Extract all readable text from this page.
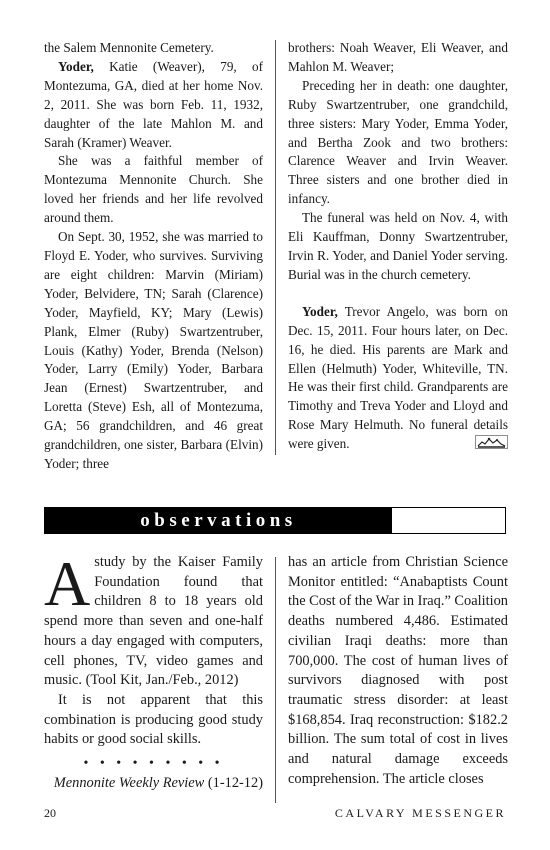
the Salem Mennonite Cemetery.

Yoder, Katie (Weaver), 79, of Montezuma, GA, died at her home Nov. 2, 2011. She was born Feb. 11, 1932, daughter of the late Mahlon M. and Sarah (Kramer) Weaver.

She was a faithful member of Montezuma Mennonite Church. She loved her friends and her life revolved around them.

On Sept. 30, 1952, she was married to Floyd E. Yoder, who survives. Surviving are eight children: Marvin (Miriam) Yoder, Belvidere, TN; Sarah (Clarence) Yoder, Mayfield, KY; Mary (Lewis) Plank, Elmer (Ruby) Swartzentruber, Louis (Kathy) Yoder, Brenda (Nelson) Yoder, Larry (Emily) Yoder, Barbara Jean (Ernest) Swartzentruber, and Loretta (Steve) Esh, all of Montezuma, GA; 56 grandchildren, and 46 great grandchildren, one sister, Barbara (Elvin) Yoder; three

brothers: Noah Weaver, Eli Weaver, and Mahlon M. Weaver;

Preceding her in death: one daughter, Ruby Swartzentruber, one grandchild, three sisters: Mary Yoder, Emma Yoder, and Bertha Zook and two brothers: Clarence Weaver and Irvin Weaver. Three sisters and one brother died in infancy.

The funeral was held on Nov. 4, with Eli Kauffman, Donny Swartzentruber, Irvin R. Yoder, and Daniel Yoder serving. Burial was in the church cemetery.

Yoder, Trevor Angelo, was born on Dec. 15, 2011. Four hours later, on Dec. 16, he died. His parents are Mark and Ellen (Helmuth) Yoder, Whiteville, TN. He was their first child. Grandparents are Timothy and Treva Yoder and Lloyd and Rose Mary Helmuth. No funeral details were given.

observations

A study by the Kaiser Family Foundation found that children 8 to 18 years old spend more than seven and one-half hours a day engaged with computers, cell phones, TV, video games and music. (Tool Kit, Jan./Feb., 2012)

It is not apparent that this combination is producing good study habits or good social skills.

• • • • • • • • •

Mennonite Weekly Review (1-12-12)

has an article from Christian Science Monitor entitled: “Anabaptists Count the Cost of the War in Iraq.” Coalition deaths numbered 4,486. Estimated civilian Iraqi deaths: more than 700,000. The cost of human lives of survivors diagnosed with post traumatic stress disorder: at least $168,854. Iraq reconstruction: $182.2 billion. The sum total of cost in lives and natural damage exceeds comprehension. The article closes

20	CALVARY MESSENGER
